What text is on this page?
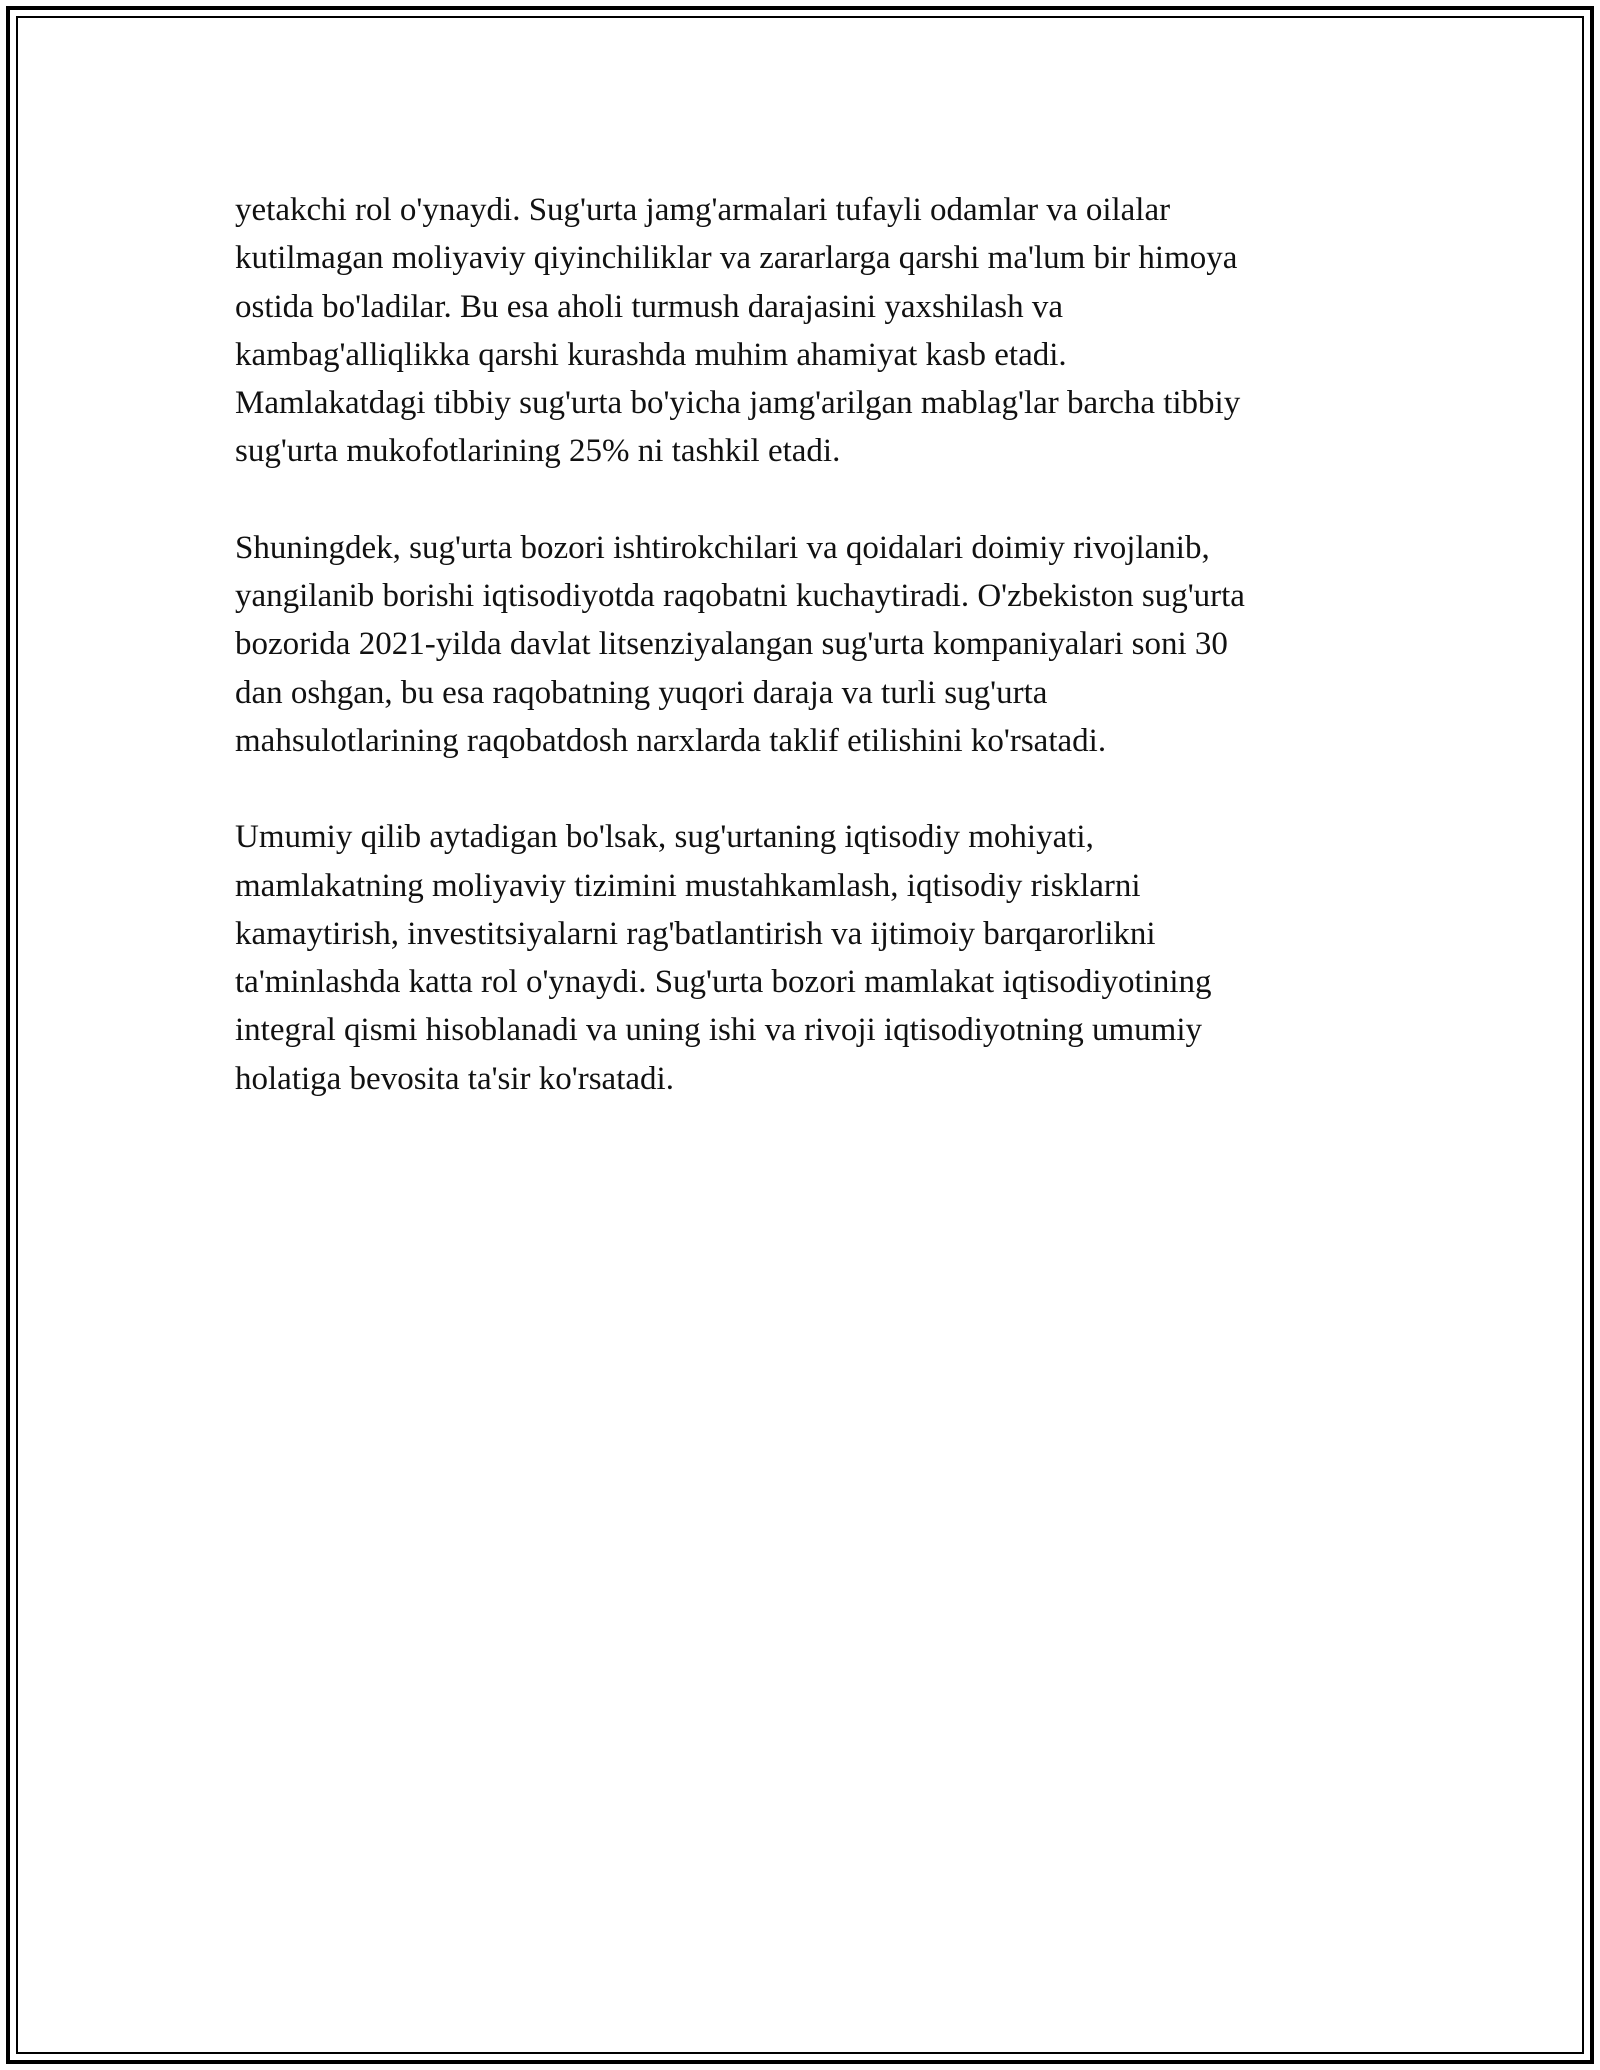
yetakchi rol o'ynaydi. Sug'urta jamg'armalari tufayli odamlar va oilalar
kutilmagan moliyaviy qiyinchiliklar va zararlarga qarshi ma'lum bir himoya
ostida bo'ladilar. Bu esa aholi turmush darajasini yaxshilash va
kambag'alliqlikka qarshi kurashda muhim ahamiyat kasb etadi.
Mamlakatdagi tibbiy sug'urta bo'yicha jamg'arilgan mablag'lar barcha tibbiy
sug'urta mukofotlarining 25% ni tashkil etadi.

Shuningdek, sug'urta bozori ishtirokchilari va qoidalari doimiy rivojlanib,
yangilanib borishi iqtisodiyotda raqobatni kuchaytiradi. O'zbekiston sug'urta
bozorida 2021-yilda davlat litsenziyalangan sug'urta kompaniyalari soni 30
dan oshgan, bu esa raqobatning yuqori daraja va turli sug'urta
mahsulotlarining raqobatdosh narxlarda taklif etilishini ko'rsatadi.

Umumiy qilib aytadigan bo'lsak, sug'urtaning iqtisodiy mohiyati,
mamlakatning moliyaviy tizimini mustahkamlash, iqtisodiy risklarni
kamaytirish, investitsiyalarni rag'batlantirish va ijtimoiy barqarorlikni
ta'minlashda katta rol o'ynaydi. Sug'urta bozori mamlakat iqtisodiyotining
integral qismi hisoblanadi va uning ishi va rivoji iqtisodiyotning umumiy
holatiga bevosita ta'sir ko'rsatadi.
